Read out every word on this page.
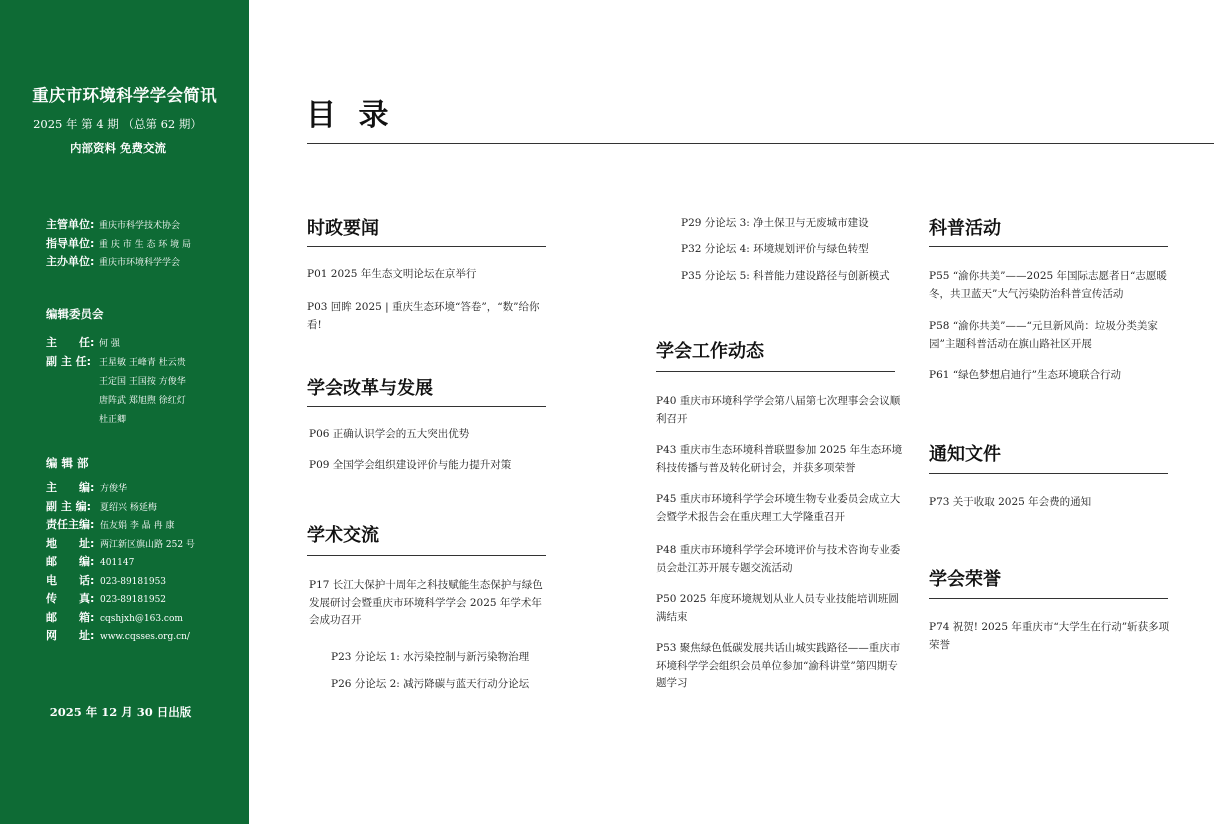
重庆市环境科学学会简讯
2025 年 第 4 期 （总第 62 期）
内部资料 免费交流
主管单位: 重庆市科学技术协会
指导单位: 重 庆 市 生 态 环 境 局
主办单位: 重庆市环境科学学会
编辑委员会
主　　任: 何 强
副 主 任: 王星敏 王峰青 杜云贵
王定国 王国按 方俊华
唐阵武 郑旭煦 徐红灯
杜正卿
编 辑 部
主　　编: 方俊华
副 主 编: 夏绍兴 杨延梅
责任主编: 伍友娟 李 晶 冉 康
地　　址: 两江新区旗山路 252 号
邮　　编: 401147
电　　话: 023-89181953
传　　真: 023-89181952
邮　　箱: cqshjxh@163.com
网　　址: www.cqsses.org.cn/
2025 年 12 月 30 日出版
目 录
时政要闻
P01 2025 年生态文明论坛在京举行
P03 回眸 2025 | 重庆生态环境“答卷”，“数”给你看!
学会改革与发展
P06 正确认识学会的五大突出优势
P09 全国学会组织建设评价与能力提升对策
学术交流
P17 长江大保护十周年之科技赋能生态保护与绿色发展研讨会暨重庆市环境科学学会 2025 年学术年会成功召开
P23 分论坛 1: 水污染控制与新污染物治理
P26 分论坛 2: 减污降碳与蓝天行动分论坛
P29 分论坛 3: 净土保卫与无废城市建设
P32 分论坛 4: 环境规划评价与绿色转型
P35 分论坛 5: 科普能力建设路径与创新模式
学会工作动态
P40 重庆市环境科学学会第八届第七次理事会会议顺利召开
P43 重庆市生态环境科普联盟参加 2025 年生态环境科技传播与普及转化研讨会，并获多项荣誉
P45 重庆市环境科学学会环境生物专业委员会成立大会暨学术报告会在重庆理工大学隆重召开
P48 重庆市环境科学学会环境评价与技术咨询专业委员会赴江苏开展专题交流活动
P50 2025 年度环境规划从业人员专业技能培训班圆满结束
P53 聚焦绿色低碳发展共话山城实践路径——重庆市环境科学学会组织会员单位参加“渝科讲堂”第四期专题学习
科普活动
P55 “渝你共美”——2025 年国际志愿者日“志愿暖冬，共卫蓝天”大气污染防治科普宣传活动
P58 “渝你共美”——“元旦新风尚：垃圾分类美家园”主题科普活动在旗山路社区开展
P61 “绿色梦想启迪行”生态环境联合行动
通知文件
P73 关于收取 2025 年会费的通知
学会荣誉
P74 祝贺! 2025 年重庆市“大学生在行动”斩获多项荣誉
